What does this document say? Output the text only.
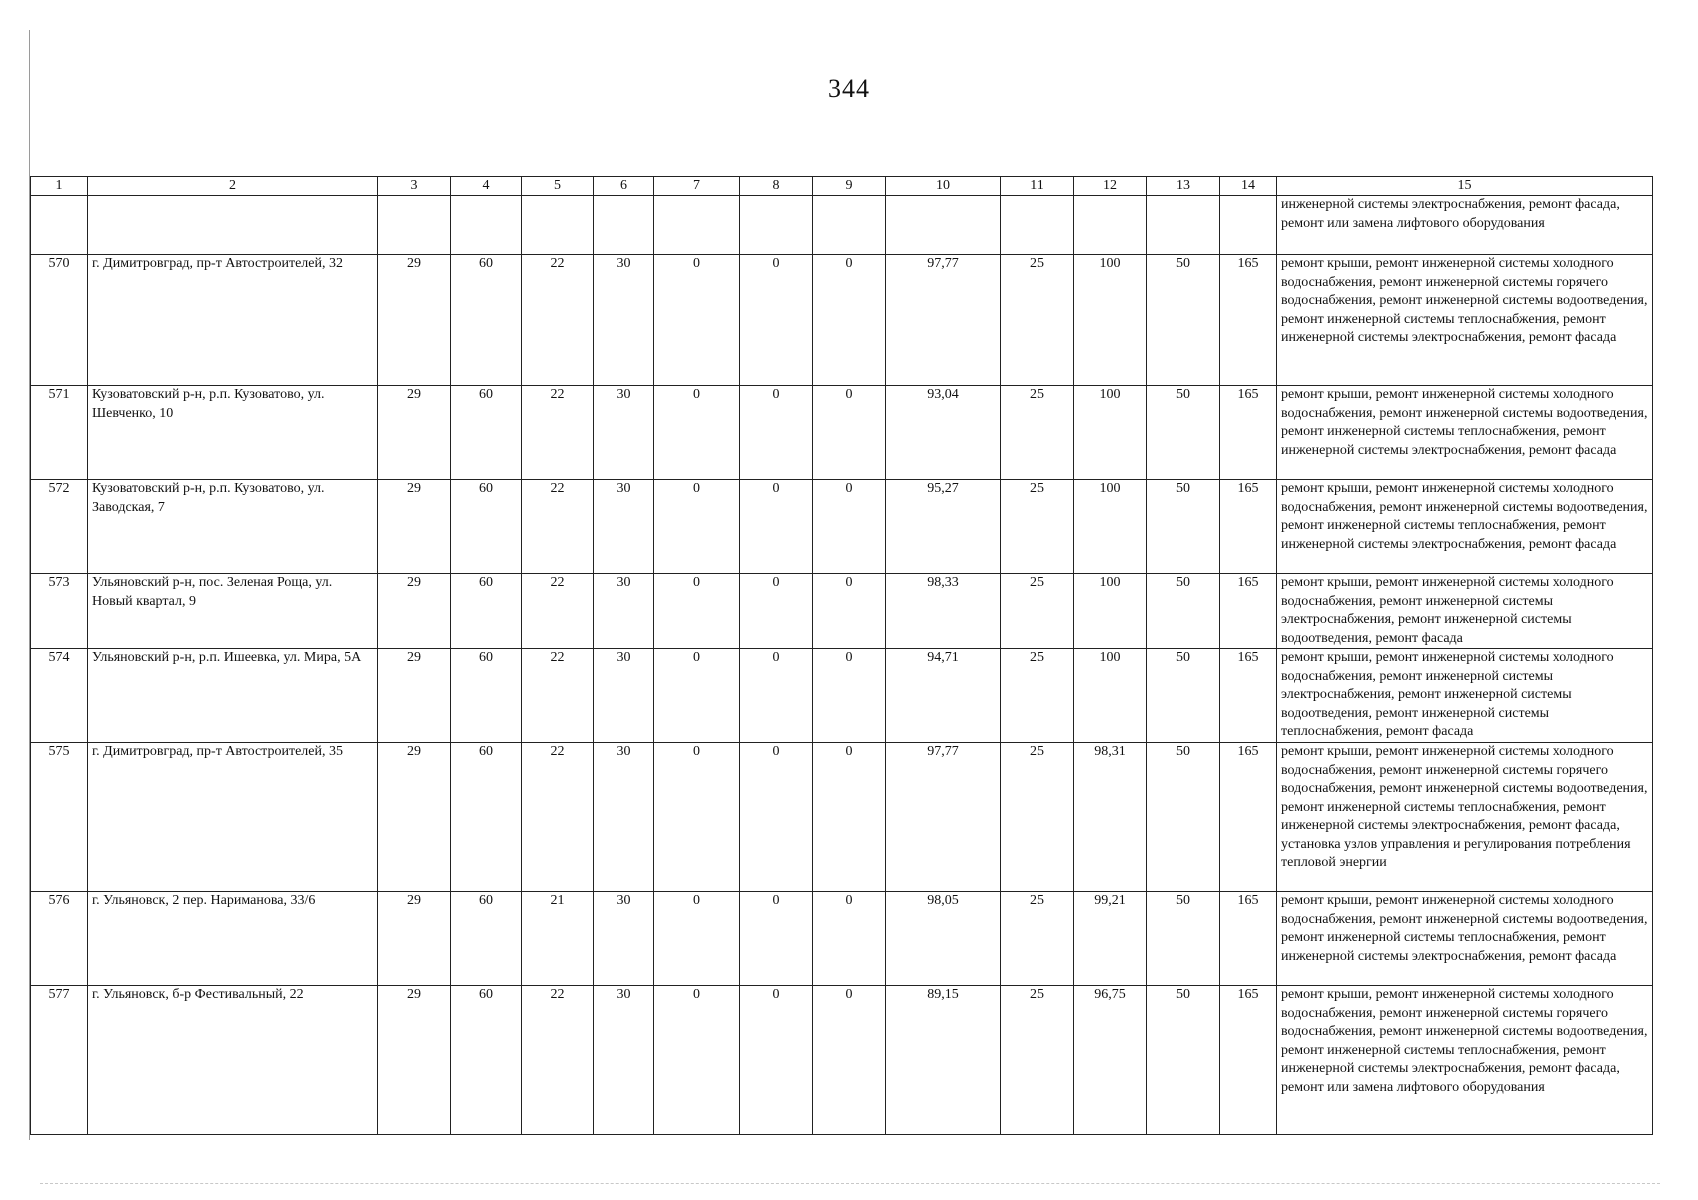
344
1	2	3	4	5	6	7	8	9	10	11	12	13	14	15
														инженерной системы электроснабжения, ремонт фасада, ремонт или замена лифтового оборудования
570	г. Димитровград, пр-т Автостроителей, 32	29	60	22	30	0	0	0	97,77	25	100	50	165	ремонт крыши, ремонт инженерной системы холодного водоснабжения, ремонт инженерной системы горячего водоснабжения, ремонт инженерной системы водоотведения, ремонт инженерной системы теплоснабжения, ремонт инженерной системы электроснабжения, ремонт фасада
571	Кузоватовский р-н, р.п. Кузоватово, ул. Шевченко, 10	29	60	22	30	0	0	0	93,04	25	100	50	165	ремонт крыши, ремонт инженерной системы холодного водоснабжения, ремонт инженерной системы водоотведения, ремонт инженерной системы теплоснабжения, ремонт инженерной системы электроснабжения, ремонт фасада
572	Кузоватовский р-н, р.п. Кузоватово, ул. Заводская, 7	29	60	22	30	0	0	0	95,27	25	100	50	165	ремонт крыши, ремонт инженерной системы холодного водоснабжения, ремонт инженерной системы водоотведения, ремонт инженерной системы теплоснабжения, ремонт инженерной системы электроснабжения, ремонт фасада
573	Ульяновский р-н, пос. Зеленая Роща, ул. Новый квартал, 9	29	60	22	30	0	0	0	98,33	25	100	50	165	ремонт крыши, ремонт инженерной системы холодного водоснабжения, ремонт инженерной системы электроснабжения, ремонт инженерной системы водоотведения, ремонт фасада
574	Ульяновский р-н, р.п. Ишеевка, ул. Мира, 5А	29	60	22	30	0	0	0	94,71	25	100	50	165	ремонт крыши, ремонт инженерной системы холодного водоснабжения, ремонт инженерной системы электроснабжения, ремонт инженерной системы водоотведения, ремонт инженерной системы теплоснабжения, ремонт фасада
575	г. Димитровград, пр-т Автостроителей, 35	29	60	22	30	0	0	0	97,77	25	98,31	50	165	ремонт крыши, ремонт инженерной системы холодного водоснабжения, ремонт инженерной системы горячего водоснабжения, ремонт инженерной системы водоотведения, ремонт инженерной системы теплоснабжения, ремонт инженерной системы электроснабжения, ремонт фасада, установка узлов управления и регулирования потребления тепловой энергии
576	г. Ульяновск, 2 пер. Нариманова, 33/6	29	60	21	30	0	0	0	98,05	25	99,21	50	165	ремонт крыши, ремонт инженерной системы холодного водоснабжения, ремонт инженерной системы водоотведения, ремонт инженерной системы теплоснабжения, ремонт инженерной системы электроснабжения, ремонт фасада
577	г. Ульяновск, б-р Фестивальный, 22	29	60	22	30	0	0	0	89,15	25	96,75	50	165	ремонт крыши, ремонт инженерной системы холодного водоснабжения, ремонт инженерной системы горячего водоснабжения, ремонт инженерной системы водоотведения, ремонт инженерной системы теплоснабжения, ремонт инженерной системы электроснабжения, ремонт фасада, ремонт или замена лифтового оборудования
